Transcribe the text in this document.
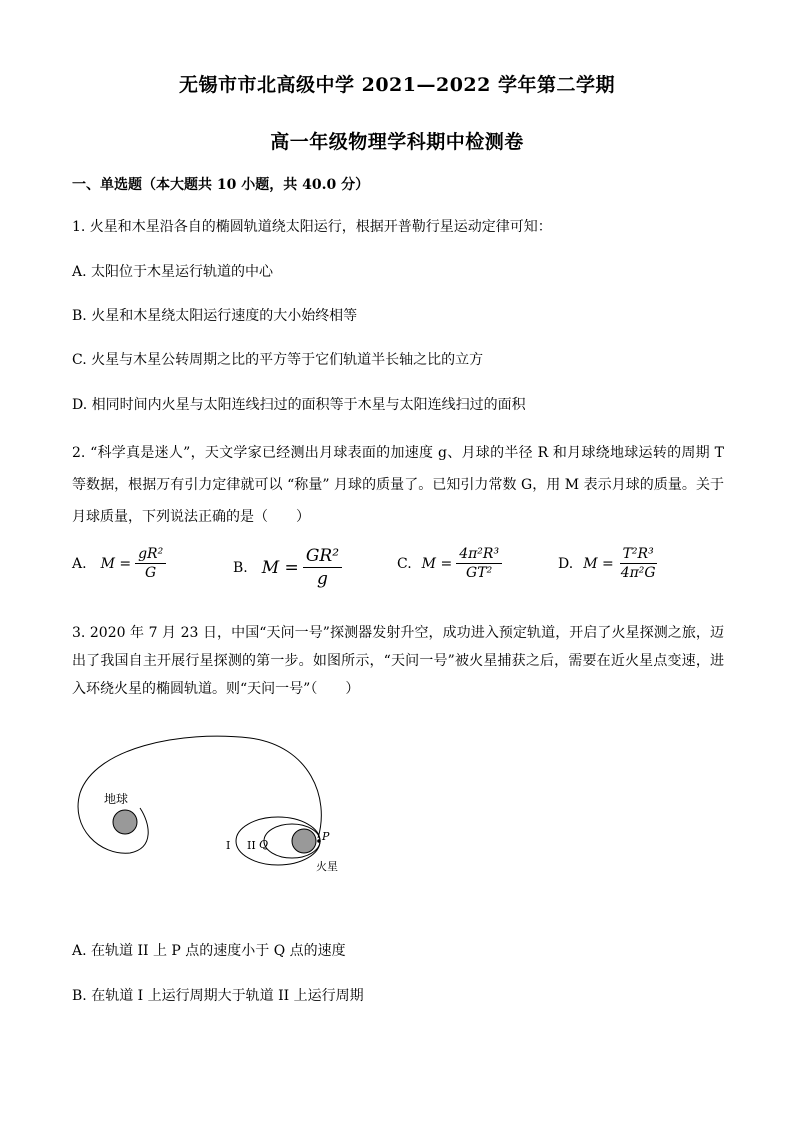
无锡市市北高级中学 2021—2022 学年第二学期
高一年级物理学科期中检测卷
一、单选题（本大题共 10 小题，共 40.0 分）
1. 火星和木星沿各自的椭圆轨道绕太阳运行，根据开普勒行星运动定律可知：
A. 太阳位于木星运行轨道的中心
B. 火星和木星绕太阳运行速度的大小始终相等
C. 火星与木星公转周期之比的平方等于它们轨道半长轴之比的立方
D. 相同时间内火星与太阳连线扫过的面积等于木星与太阳连线扫过的面积
2. “科学真是迷人”，天文学家已经测出月球表面的加速度 g、月球的半径 R 和月球绕地球运转的周期 T 等数据，根据万有引力定律就可以 “称量” 月球的质量了。已知引力常数 G，用 M 表示月球的质量。关于月球质量，下列说法正确的是（　　）
A. $M = \frac{\text{gR²}}{G}$	B. $M = \frac{\text{GR²}}{g}$	C. $M = \frac{\text{4π²R³}}{\text{GT²}}$	D. $M = \frac{\text{T²R³}}{\text{4π²G}}$
3. 2020 年 7 月 23 日，中国“天问一号”探测器发射升空，成功进入预定轨道，开启了火星探测之旅，迈出了我国自主开展行星探测的第一步。如图所示，“天问一号”被火星捕获之后，需要在近火星点变速，进入环绕火星的椭圆轨道。则“天问一号”（　　）
地球
P
Q
I II
火星
A. 在轨道 II 上 P 点的速度小于 Q 点的速度
B. 在轨道 I 上运行周期大于轨道 II 上运行周期
